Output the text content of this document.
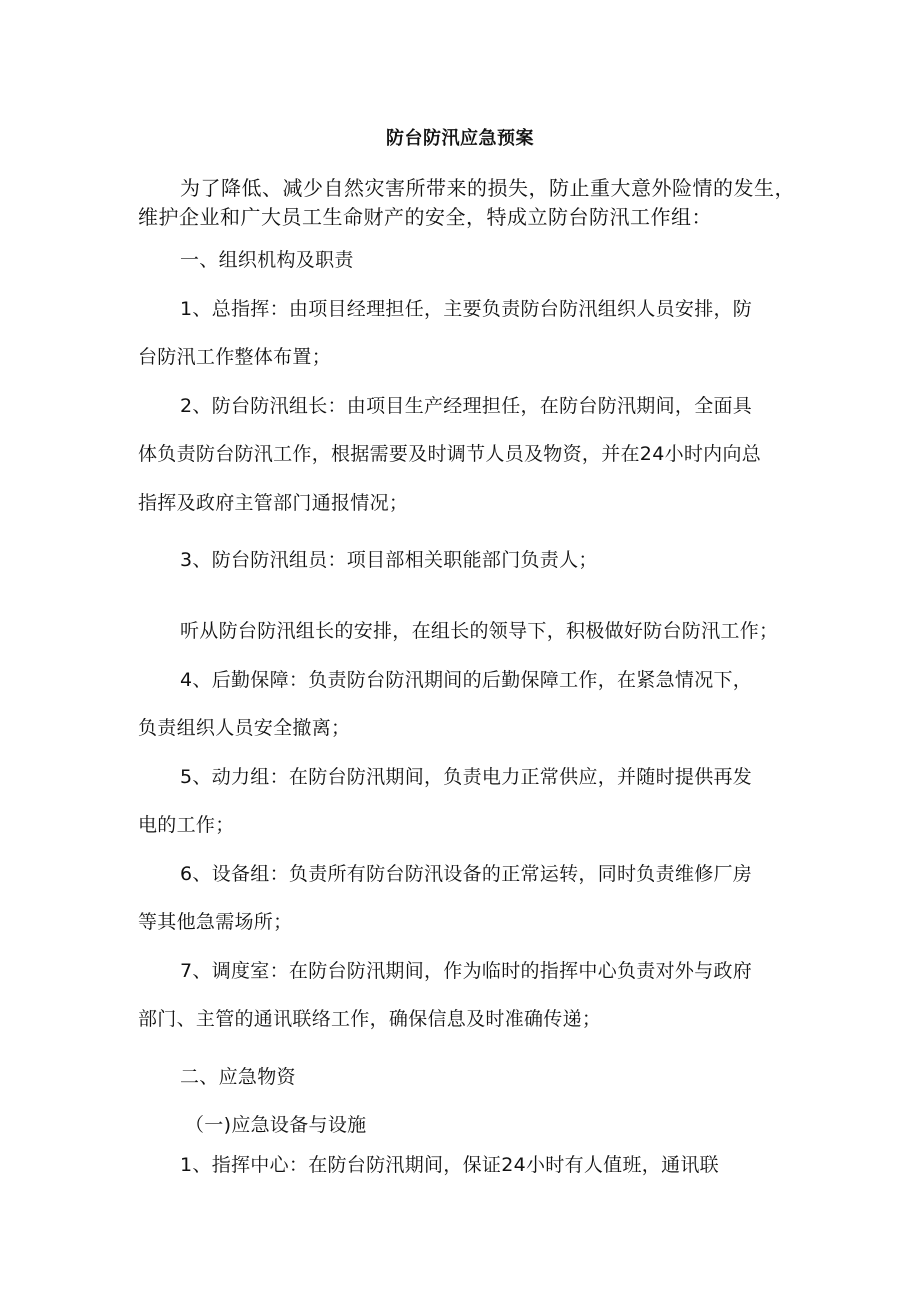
防台防汛应急预案
为了降低、减少自然灾害所带来的损失，防止重大意外险情的发生，
维护企业和广大员工生命财产的安全，特成立防台防汛工作组：
一、组织机构及职责
1、总指挥：由项目经理担任，主要负责防台防汛组织人员安排，防
台防汛工作整体布置；
2、防台防汛组长：由项目生产经理担任，在防台防汛期间，全面具
体负责防台防汛工作，根据需要及时调节人员及物资，并在24小时内向总
指挥及政府主管部门通报情况；
3、防台防汛组员：项目部相关职能部门负责人；
听从防台防汛组长的安排，在组长的领导下，积极做好防台防汛工作；
4、后勤保障：负责防台防汛期间的后勤保障工作，在紧急情况下，
负责组织人员安全撤离；
5、动力组：在防台防汛期间，负责电力正常供应，并随时提供再发
电的工作；
6、设备组：负责所有防台防汛设备的正常运转，同时负责维修厂房
等其他急需场所；
7、调度室：在防台防汛期间，作为临时的指挥中心负责对外与政府
部门、主管的通讯联络工作，确保信息及时准确传递；
二、应急物资
（一)应急设备与设施
1、指挥中心：在防台防汛期间，保证24小时有人值班，通讯联
